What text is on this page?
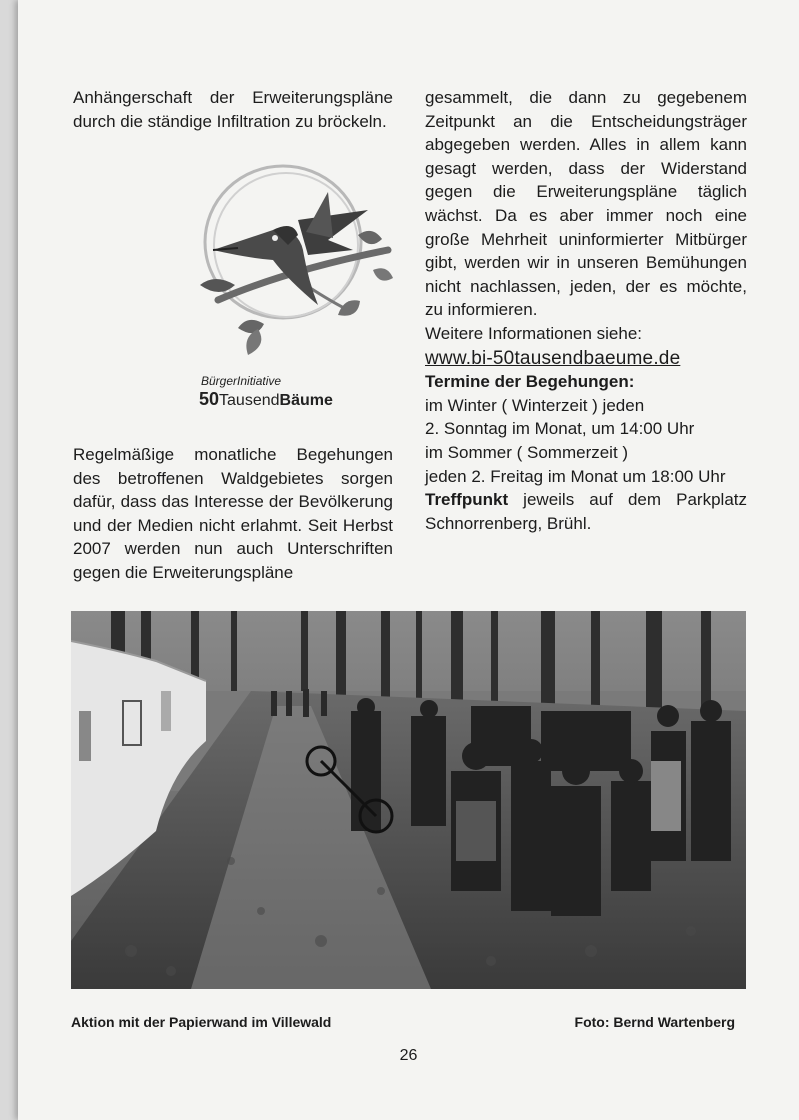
Anhängerschaft der Erweiterungspläne durch die ständige Infiltration zu bröckeln.

BürgerInitiative
50TausendBäume

Regelmäßige monatliche Begehungen des betroffenen Waldgebietes sorgen dafür, dass das Interesse der Bevölkerung und der Medien nicht erlahmt. Seit Herbst 2007 werden nun auch Unterschriften gegen die Erweiterungspläne

gesammelt, die dann zu gegebenem Zeitpunkt an die Entscheidungsträger abgegeben werden. Alles in allem kann gesagt werden, dass der Widerstand gegen die Erweiterungspläne täglich wächst. Da es aber immer noch eine große Mehrheit uninformierter Mitbürger gibt, werden wir in unseren Bemühungen nicht nachlassen, jeden, der es möchte, zu informieren.

Weitere Informationen siehe:

www.bi-50tausendbaeume.de

Termine der Begehungen:

im Winter ( Winterzeit ) jeden

2. Sonntag im Monat, um 14:00 Uhr

im Sommer ( Sommerzeit )

jeden 2. Freitag im Monat um 18:00 Uhr

Treffpunkt jeweils auf dem Parkplatz Schnorrenberg, Brühl.

Aktion mit der Papierwand im Villewald	Foto: Bernd Wartenberg
26
